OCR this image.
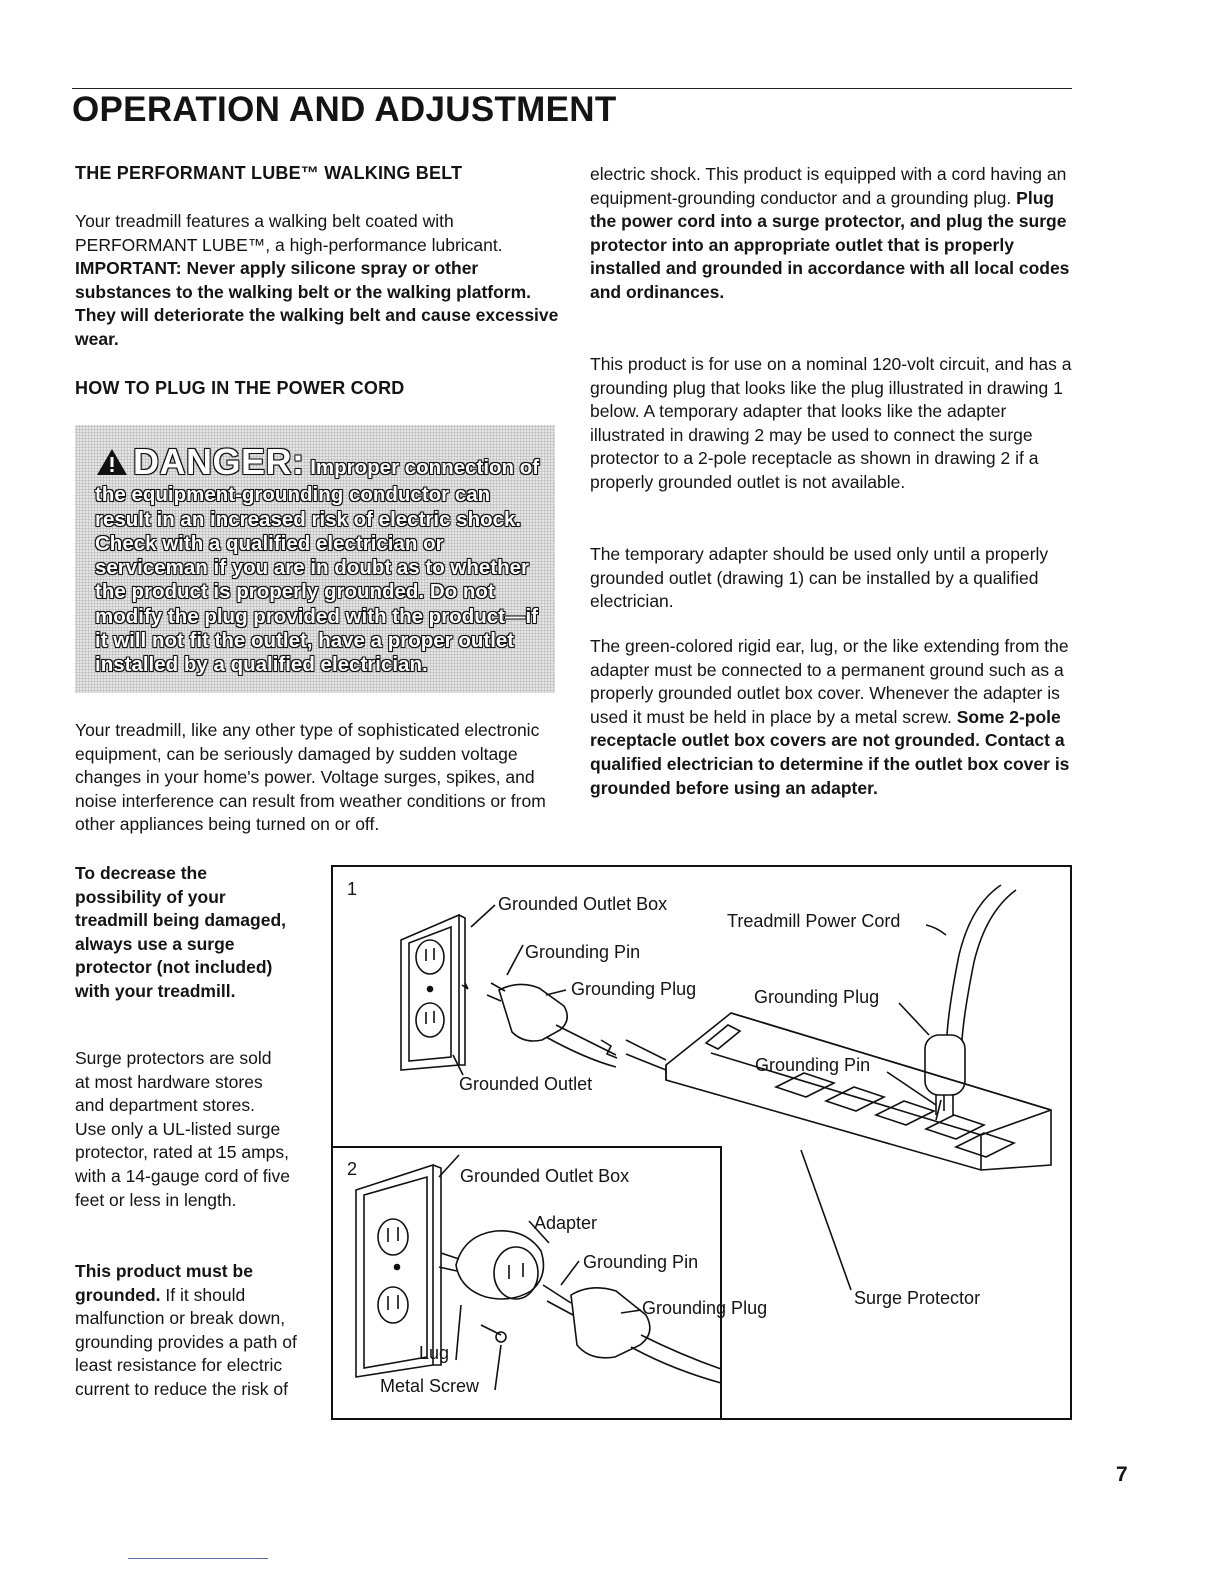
OPERATION AND ADJUSTMENT
THE PERFORMANT LUBE™ WALKING BELT

Your treadmill features a walking belt coated with PERFORMANT LUBE™, a high-performance lubricant. IMPORTANT: Never apply silicone spray or other substances to the walking belt or the walking platform. They will deteriorate the walking belt and cause excessive wear.

HOW TO PLUG IN THE POWER CORD
DANGER: Improper connection of the equipment-grounding conductor can result in an increased risk of electric shock. Check with a qualified electrician or serviceman if you are in doubt as to whether the product is properly grounded. Do not modify the plug provided with the product—if it will not fit the outlet, have a proper outlet installed by a qualified electrician.

Your treadmill, like any other type of sophisticated electronic equipment, can be seriously damaged by sudden voltage changes in your home's power. Voltage surges, spikes, and noise interference can result from weather conditions or from other appliances being turned on or off.

To decrease the possibility of your treadmill being damaged, always use a surge protector (not included) with your treadmill.

Surge protectors are sold at most hardware stores and department stores. Use only a UL-listed surge protector, rated at 15 amps, with a 14-gauge cord of five feet or less in length.

This product must be grounded. If it should malfunction or break down, grounding provides a path of least resistance for electric current to reduce the risk of

electric shock. This product is equipped with a cord having an equipment-grounding conductor and a grounding plug. Plug the power cord into a surge protector, and plug the surge protector into an appropriate outlet that is properly installed and grounded in accordance with all local codes and ordinances.

This product is for use on a nominal 120-volt circuit, and has a grounding plug that looks like the plug illustrated in drawing 1 below. A temporary adapter that looks like the adapter illustrated in drawing 2 may be used to connect the surge protector to a 2-pole receptacle as shown in drawing 2 if a properly grounded outlet is not available.

The temporary adapter should be used only until a properly grounded outlet (drawing 1) can be installed by a qualified electrician.

The green-colored rigid ear, lug, or the like extending from the adapter must be connected to a permanent ground such as a properly grounded outlet box cover. Whenever the adapter is used it must be held in place by a metal screw. Some 2-pole receptacle outlet box covers are not grounded. Contact a qualified electrician to determine if the outlet box cover is grounded before using an adapter.

1
Grounded Outlet Box
Treadmill Power Cord
Grounding Pin
Grounding Plug	Grounding Plug
Grounding Pin
Grounded Outlet
2	Grounded Outlet Box
Adapter
Grounding Pin
Grounding Plug	Surge Protector
Lug
Metal Screw
7
